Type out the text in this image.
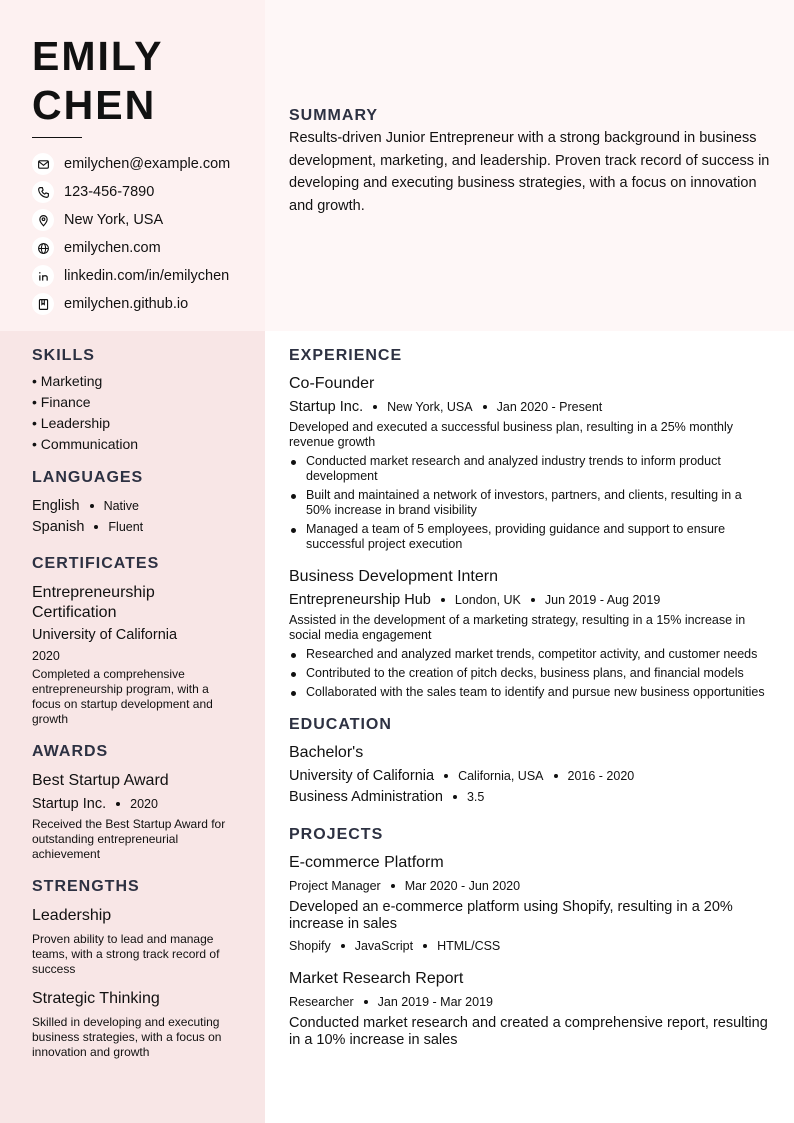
EMILY
CHEN
emilychen@example.com
123-456-7890
New York, USA
emilychen.com
linkedin.com/in/emilychen
emilychen.github.io
SUMMARY
Results-driven Junior Entrepreneur with a strong background in business development, marketing, and leadership. Proven track record of success in developing and executing business strategies, with a focus on innovation and growth.
SKILLS
• Marketing
• Finance
• Leadership
• Communication
LANGUAGES
English Native
Spanish Fluent
CERTIFICATES
Entrepreneurship Certification
University of California
2020
Completed a comprehensive entrepreneurship program, with a focus on startup development and growth
AWARDS
Best Startup Award
Startup Inc. 2020
Received the Best Startup Award for outstanding entrepreneurial achievement
STRENGTHS
Leadership
Proven ability to lead and manage teams, with a strong track record of success
Strategic Thinking
Skilled in developing and executing business strategies, with a focus on innovation and growth
EXPERIENCE
Co-Founder
Startup Inc. New York, USA Jan 2020 - Present
Developed and executed a successful business plan, resulting in a 25% monthly revenue growth
Conducted market research and analyzed industry trends to inform product development
Built and maintained a network of investors, partners, and clients, resulting in a 50% increase in brand visibility
Managed a team of 5 employees, providing guidance and support to ensure successful project execution
Business Development Intern
Entrepreneurship Hub London, UK Jun 2019 - Aug 2019
Assisted in the development of a marketing strategy, resulting in a 15% increase in social media engagement
Researched and analyzed market trends, competitor activity, and customer needs
Contributed to the creation of pitch decks, business plans, and financial models
Collaborated with the sales team to identify and pursue new business opportunities
EDUCATION
Bachelor's
University of California California, USA 2016 - 2020
Business Administration 3.5
PROJECTS
E-commerce Platform
Project Manager Mar 2020 - Jun 2020
Developed an e-commerce platform using Shopify, resulting in a 20% increase in sales
Shopify JavaScript HTML/CSS
Market Research Report
Researcher Jan 2019 - Mar 2019
Conducted market research and created a comprehensive report, resulting in a 10% increase in sales
